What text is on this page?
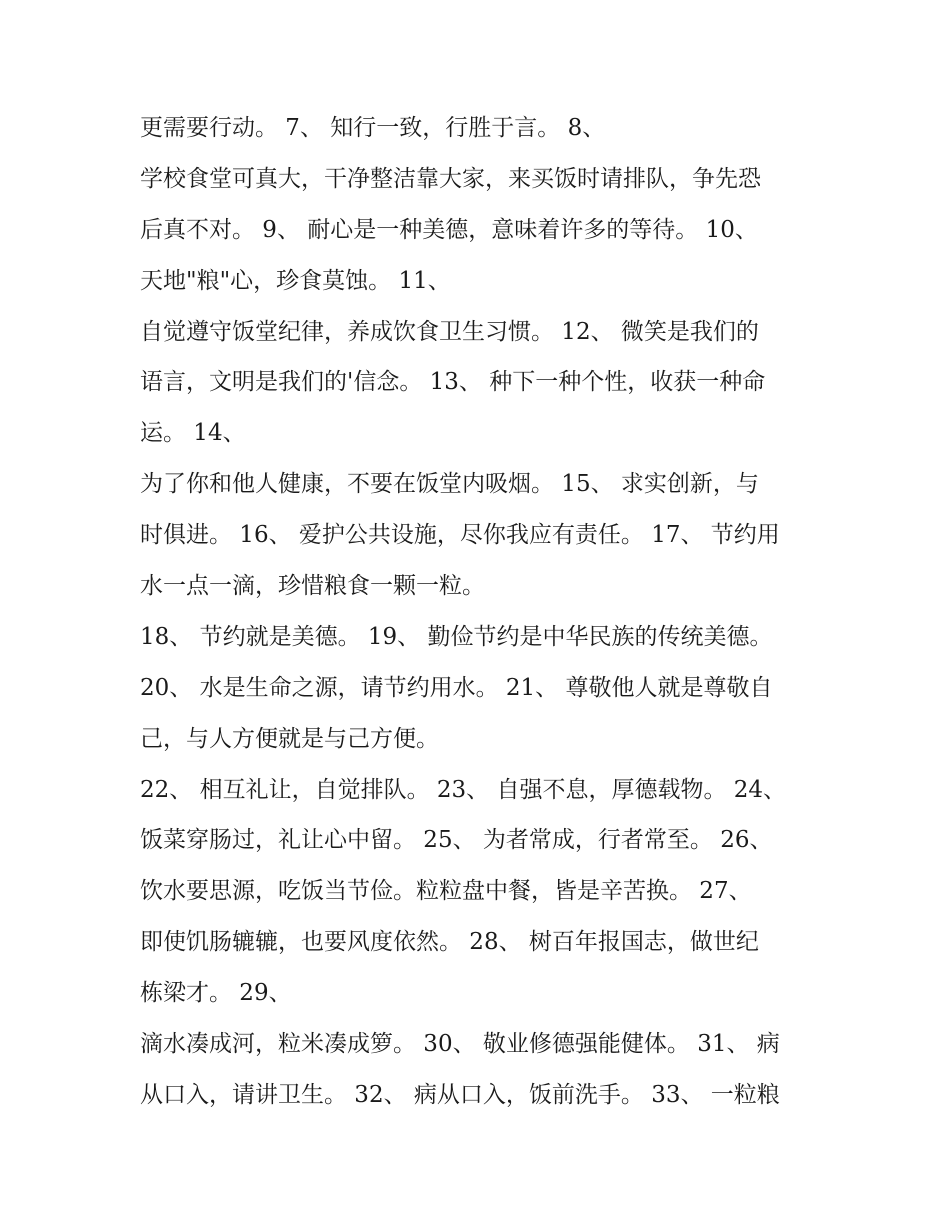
更需要行动。 7、 知行一致，行胜于言。 8、
学校食堂可真大，干净整洁靠大家，来买饭时请排队，争先恐
后真不对。 9、 耐心是一种美德，意味着许多的等待。 10、
天地"粮"心，珍食莫蚀。 11、
自觉遵守饭堂纪律，养成饮食卫生习惯。 12、 微笑是我们的
语言，文明是我们的'信念。 13、 种下一种个性，收获一种命
运。 14、
为了你和他人健康，不要在饭堂内吸烟。 15、 求实创新，与
时俱进。 16、 爱护公共设施，尽你我应有责任。 17、 节约用
水一点一滴，珍惜粮食一颗一粒。
18、 节约就是美德。 19、 勤俭节约是中华民族的传统美德。
20、 水是生命之源，请节约用水。 21、 尊敬他人就是尊敬自
己，与人方便就是与己方便。
22、 相互礼让，自觉排队。 23、 自强不息，厚德载物。 24、
饭菜穿肠过，礼让心中留。 25、 为者常成，行者常至。 26、
饮水要思源，吃饭当节俭。粒粒盘中餐，皆是辛苦换。 27、
即使饥肠辘辘，也要风度依然。 28、 树百年报国志，做世纪
栋梁才。 29、
滴水凑成河，粒米凑成箩。 30、 敬业修德强能健体。 31、 病
从口入，请讲卫生。 32、 病从口入，饭前洗手。 33、 一粒粮
